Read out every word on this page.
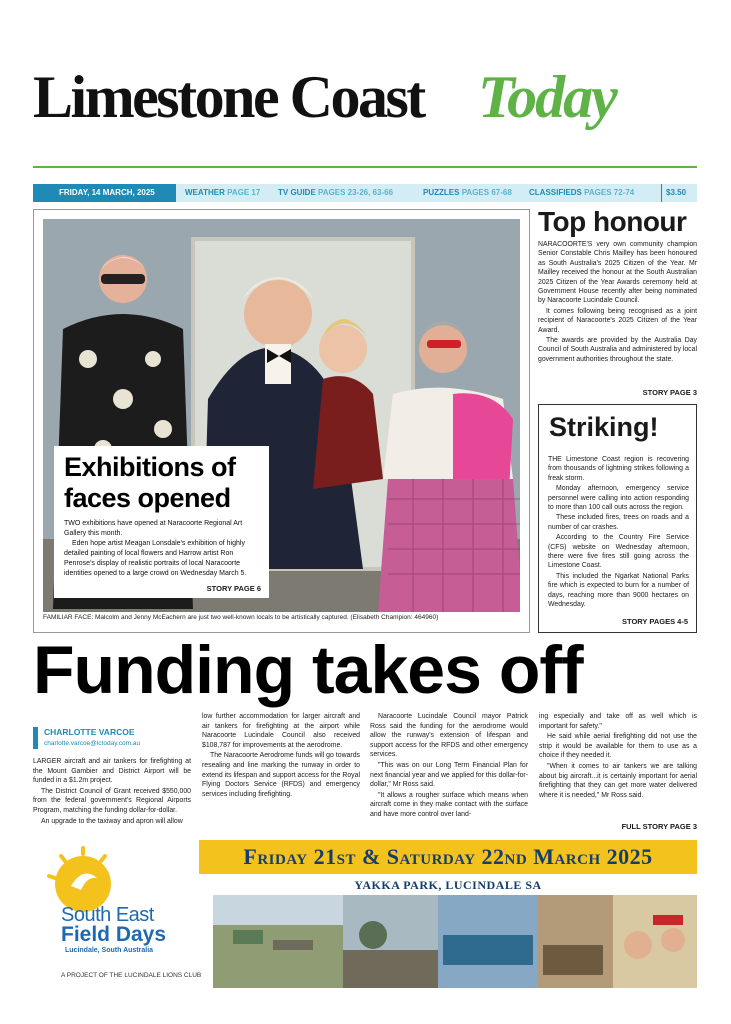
Limestone Coast Today
FRIDAY, 14 MARCH, 2025	WEATHER PAGE 17 TV GUIDE PAGES 23-26, 63-66	PUZZLES PAGES 67-68 CLASSIFIEDS PAGES 72-74	$3.50
FAMILIAR FACE: Malcolm and Jenny McEachern are just two well-known locals to be artistically captured. (Elisabeth Champion: 464960)
Exhibitions of
faces opened

TWO exhibitions have opened at Naracoorte Regional Art Gallery this month.

Eden hope artist Meagan Lonsdale's exhibition of highly detailed painting of local flowers and Harrow artist Ron Penrose's display of realistic portraits of local Naracoorte identities opened to a large crowd on Wednesday March 5.

STORY PAGE 6
Top honour

NARACOORTE'S very own community champion Senior Constable Chris Mailley has been honoured as South Australia's 2025 Citizen of the Year. Mr Mailley received the honour at the South Australian 2025 Citizen of the Year Awards ceremony held at Government House recently after being nominated by Naracoorte Lucindale Council.

It comes following being recognised as a joint recipient of Naracoorte's 2025 Citizen of the Year Award.

The awards are provided by the Australia Day Council of South Australia and administered by local government authorities throughout the state.

STORY PAGE 3
Striking!

THE Limestone Coast region is recovering from thousands of lightning strikes following a freak storm.

Monday afternoon, emergency service personnel were calling into action responding to more than 100 call outs across the region.

These included fires, trees on roads and a number of car crashes.

According to the Country Fire Service (CFS) website on Wednesday afternoon, there were five fires still going across the Limestone Coast.

This included the Ngarkat National Parks fire which is expected to burn for a number of days, reaching more than 9000 hectares on Wednesday.

STORY PAGES 4-5
Funding takes off
CHARLOTTE VARCOE
charlotte.varcoe@lctoday.com.au

LARGER aircraft and air tankers for firefighting at the Mount Gambier and District Airport will be funded in a $1.2m project.

The District Council of Grant received $550,000 from the federal government's Regional Airports Program, matching the funding dollar-for-dollar.

An upgrade to the taxiway and apron will allow

low further accommodation for larger aircraft and air tankers for firefighting at the airport while Naracoorte Lucindale Council also received $108,787 for improvements at the aerodrome.

The Naracoorte Aerodrome funds will go towards resealing and line marking the runway in order to extend its lifespan and support access for the Royal Flying Doctors Service (RFDS) and emergency services including firefighting.

Naracoorte Lucindale Council mayor Patrick Ross said the funding for the aerodrome would allow the runway's extension of lifespan and support access for the RFDS and other emergency services.

"This was on our Long Term Financial Plan for next financial year and we applied for this dollar-for-dollar," Mr Ross said.

"It allows a rougher surface which means when aircraft come in they make contact with the surface and have more control over land-

ing especially and take off as well which is important for safety."

He said while aerial firefighting did not use the strip it would be available for them to use as a choice if they needed it.

"When it comes to air tankers we are talking about big aircraft...it is certainly important for aerial firefighting that they can get more water delivered where it is needed," Mr Ross said.

FULL STORY PAGE 3
Friday 21st & Saturday 22nd March 2025
YAKKA PARK, LUCINDALE SA
South East
Field Days
Lucindale, South Australia
A PROJECT OF THE LUCINDALE LIONS CLUB
